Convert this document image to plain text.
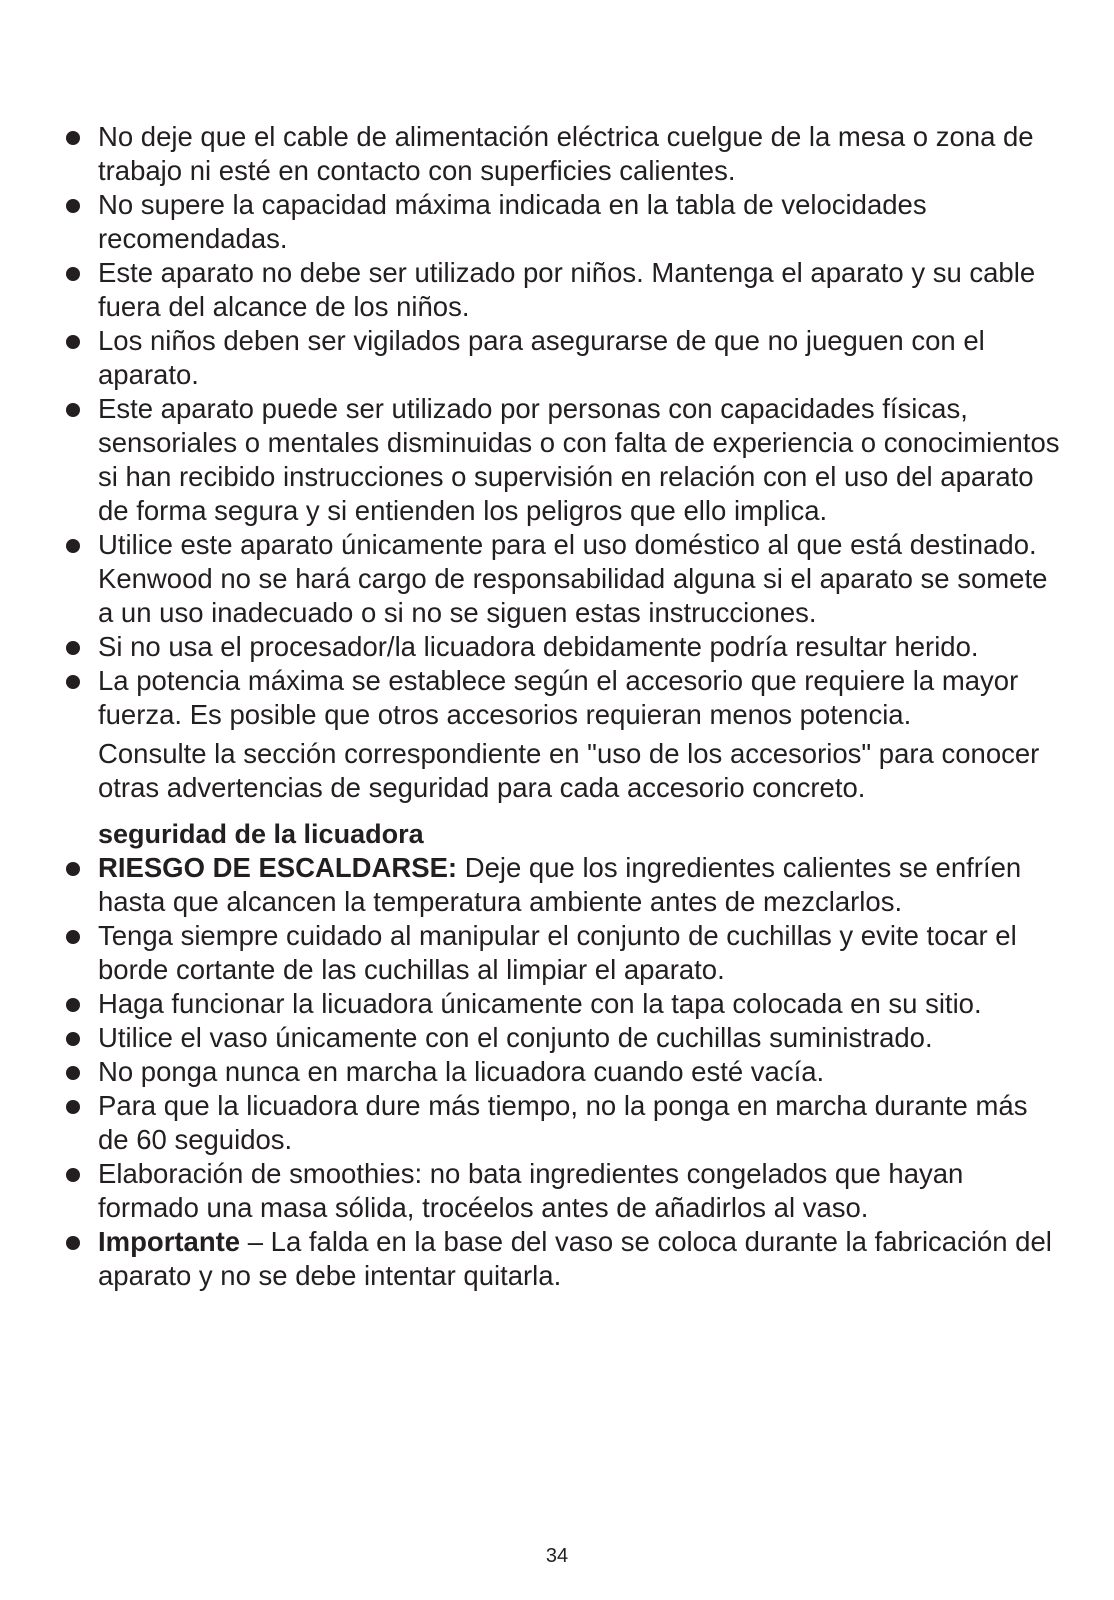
No deje que el cable de alimentación eléctrica cuelgue de la mesa o zona de trabajo ni esté en contacto con superficies calientes.
No supere la capacidad máxima indicada en la tabla de velocidades recomendadas.
Este aparato no debe ser utilizado por niños. Mantenga el aparato y su cable fuera del alcance de los niños.
Los niños deben ser vigilados para asegurarse de que no jueguen con el aparato.
Este aparato puede ser utilizado por personas con capacidades físicas, sensoriales o mentales disminuidas o con falta de experiencia o conocimientos si han recibido instrucciones o supervisión en relación con el uso del aparato de forma segura y si entienden los peligros que ello implica.
Utilice este aparato únicamente para el uso doméstico al que está destinado. Kenwood no se hará cargo de responsabilidad alguna si el aparato se somete a un uso inadecuado o si no se siguen estas instrucciones.
Si no usa el procesador/la licuadora debidamente podría resultar herido.
La potencia máxima se establece según el accesorio que requiere la mayor fuerza. Es posible que otros accesorios requieran menos potencia.
Consulte la sección correspondiente en "uso de los accesorios" para conocer otras advertencias de seguridad para cada accesorio concreto.
seguridad de la licuadora
RIESGO DE ESCALDARSE: Deje que los ingredientes calientes se enfríen hasta que alcancen la temperatura ambiente antes de mezclarlos.
Tenga siempre cuidado al manipular el conjunto de cuchillas y evite tocar el borde cortante de las cuchillas al limpiar el aparato.
Haga funcionar la licuadora únicamente con la tapa colocada en su sitio.
Utilice el vaso únicamente con el conjunto de cuchillas suministrado.
No ponga nunca en marcha la licuadora cuando esté vacía.
Para que la licuadora dure más tiempo, no la ponga en marcha durante más de 60 seguidos.
Elaboración de smoothies: no bata ingredientes congelados que hayan formado una masa sólida, trocéelos antes de añadirlos al vaso.
Importante – La falda en la base del vaso se coloca durante la fabricación del aparato y no se debe intentar quitarla.
34
